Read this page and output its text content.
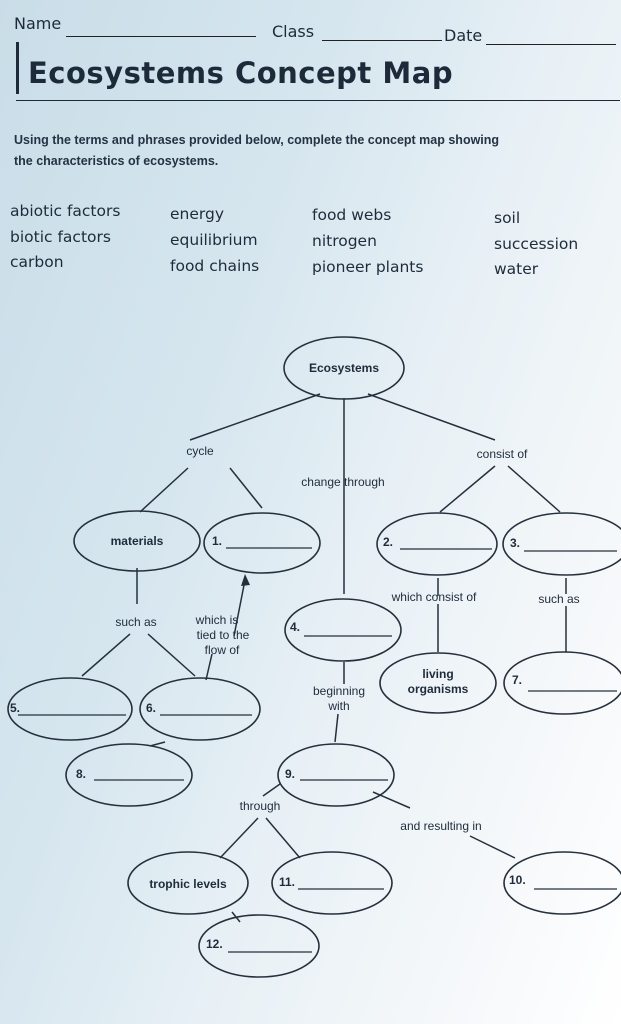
Name	Class	Date
Ecosystems Concept Map
Using the terms and phrases provided below, complete the concept map showing
the characteristics of ecosystems.
abiotic factors
biotic factors
carbon
energy
equilibrium
food chains
food webs
nitrogen
pioneer plants
soil
succession
water
Ecosystems
materials	1.	2.	3.
4.
5.	6.
living
organisms
7.
8.	9.
trophic levels	11.	10.
12.
cycle	consist of
change through
such as	which is
tied to the
flow of
which consist of	such as
beginning
with
through
and resulting in
